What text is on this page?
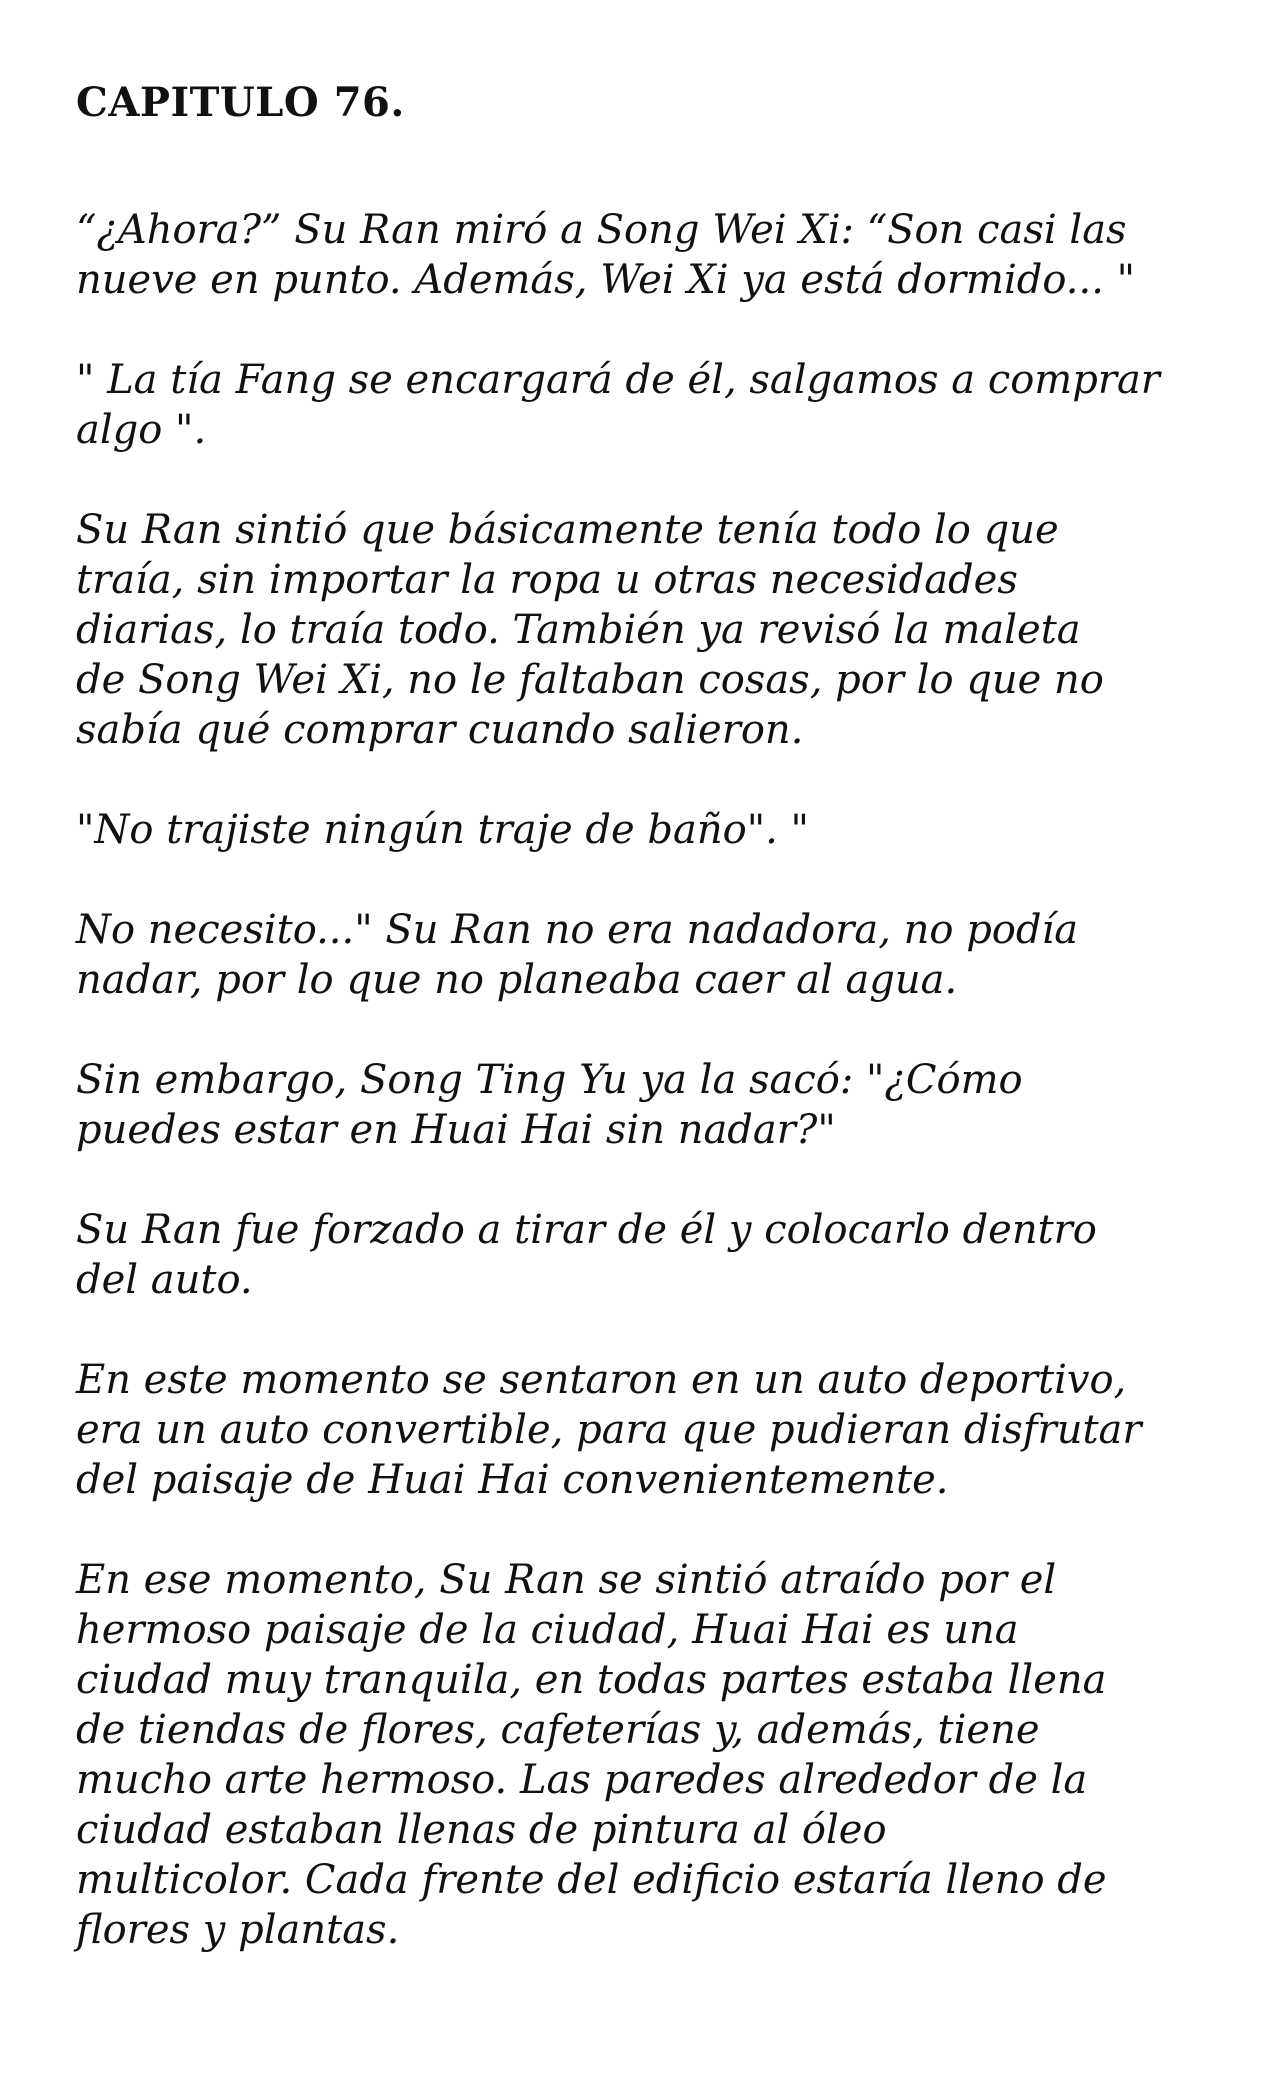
CAPITULO 76.

“¿Ahora?” Su Ran miró a Song Wei Xi: “Son casi las
nueve en punto. Además, Wei Xi ya está dormido... "

" La tía Fang se encargará de él, salgamos a comprar
algo ".

Su Ran sintió que básicamente tenía todo lo que
traía, sin importar la ropa u otras necesidades
diarias, lo traía todo. También ya revisó la maleta
de Song Wei Xi, no le faltaban cosas, por lo que no
sabía qué comprar cuando salieron.

"No trajiste ningún traje de baño". "

No necesito..." Su Ran no era nadadora, no podía
nadar, por lo que no planeaba caer al agua.

Sin embargo, Song Ting Yu ya la sacó: "¿Cómo
puedes estar en Huai Hai sin nadar?"

Su Ran fue forzado a tirar de él y colocarlo dentro
del auto.

En este momento se sentaron en un auto deportivo,
era un auto convertible, para que pudieran disfrutar
del paisaje de Huai Hai convenientemente.

En ese momento, Su Ran se sintió atraído por el
hermoso paisaje de la ciudad, Huai Hai es una
ciudad muy tranquila, en todas partes estaba llena
de tiendas de flores, cafeterías y, además, tiene
mucho arte hermoso. Las paredes alrededor de la
ciudad estaban llenas de pintura al óleo
multicolor. Cada frente del edificio estaría lleno de
flores y plantas.
